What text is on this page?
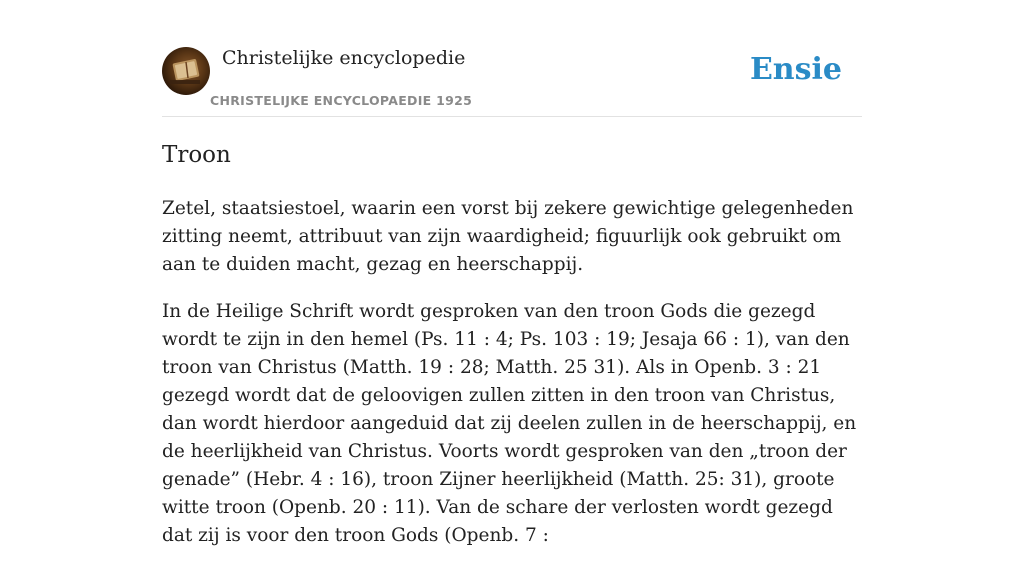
Christelijke encyclopedie
CHRISTELIJKE ENCYCLOPAEDIE 1925
Ensie
Troon

Zetel, staatsiestoel, waarin een vorst bij zekere gewichtige gelegenheden zitting neemt, attribuut van zijn waardigheid; figuurlijk ook gebruikt om aan te duiden macht, gezag en heerschappij.

In de Heilige Schrift wordt gesproken van den troon Gods die gezegd wordt te zijn in den hemel (Ps. 11 : 4; Ps. 103 : 19; Jesaja 66 : 1), van den troon van Christus (Matth. 19 : 28; Matth. 25 31). Als in Openb. 3 : 21 gezegd wordt dat de geloovigen zullen zitten in den troon van Christus, dan wordt hierdoor aangeduid dat zij deelen zullen in de heerschappij, en de heerlijkheid van Christus. Voorts wordt gesproken van den „troon der genade” (Hebr. 4 : 16), troon Zijner heerlijkheid (Matth. 25: 31), groote witte troon (Openb. 20 : 11). Van de schare der verlosten wordt gezegd dat zij is voor den troon Gods (Openb. 7 :
